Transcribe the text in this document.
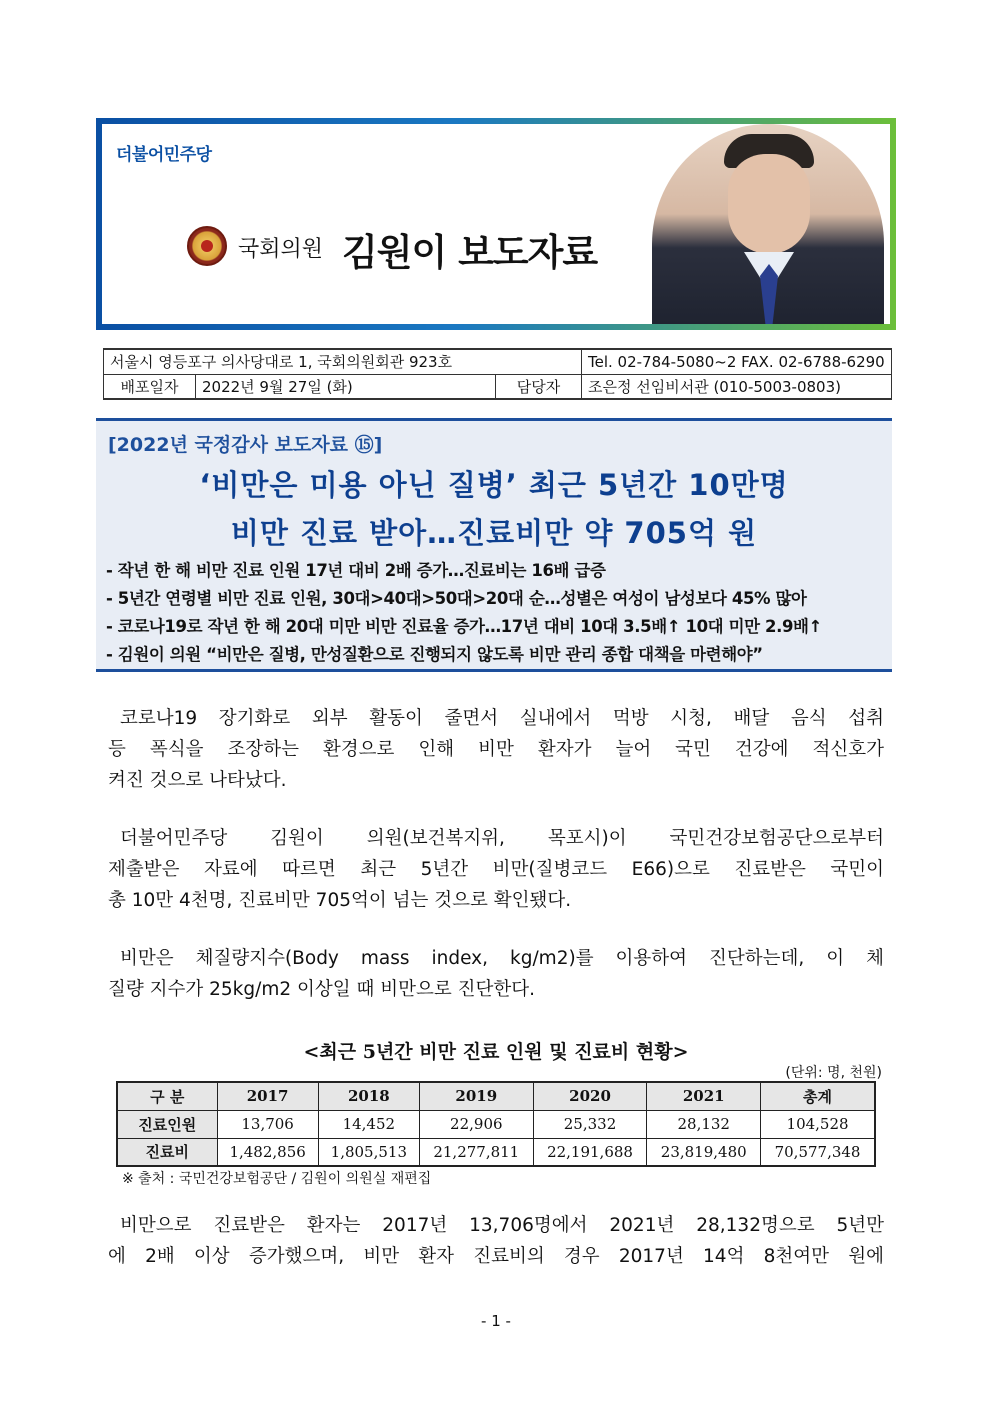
더불어민주당
국회의원 김원이 보도자료
서울시 영등포구 의사당대로 1, 국회의원회관 923호			Tel. 02-784-5080~2 FAX. 02-6788-6290
배포일자	2022년 9월 27일 (화)	담당자	조은정 선임비서관 (010-5003-0803)
[2022년 국정감사 보도자료 ⑮]
‘비만은 미용 아닌 질병’ 최근 5년간 10만명
비만 진료 받아…진료비만 약 705억 원
- 작년 한 해 비만 진료 인원 17년 대비 2배 증가…진료비는 16배 급증
- 5년간 연령별 비만 진료 인원, 30대>40대>50대>20대 순…성별은 여성이 남성보다 45% 많아
- 코로나19로 작년 한 해 20대 미만 비만 진료율 증가…17년 대비 10대 3.5배↑ 10대 미만 2.9배↑
- 김원이 의원 “비만은 질병, 만성질환으로 진행되지 않도록 비만 관리 종합 대책을 마련해야”
코로나19 장기화로 외부 활동이 줄면서 실내에서 먹방 시청, 배달 음식 섭취
등 폭식을 조장하는 환경으로 인해 비만 환자가 늘어 국민 건강에 적신호가
켜진 것으로 나타났다.
더불어민주당 김원이 의원(보건복지위, 목포시)이 국민건강보험공단으로부터
제출받은 자료에 따르면 최근 5년간 비만(질병코드 E66)으로 진료받은 국민이
총 10만 4천명, 진료비만 705억이 넘는 것으로 확인됐다.
비만은 체질량지수(Body mass index, kg/m2)를 이용하여 진단하는데, 이 체
질량 지수가 25kg/m2 이상일 때 비만으로 진단한다.
<최근 5년간 비만 진료 인원 및 진료비 현황>
(단위: 명, 천원)
구 분	2017	2018	2019	2020	2021	총계
진료인원	13,706	14,452	22,906	25,332	28,132	104,528
진료비	1,482,856	1,805,513	21,277,811	22,191,688	23,819,480	70,577,348
※ 출처 : 국민건강보험공단 / 김원이 의원실 재편집
비만으로 진료받은 환자는 2017년 13,706명에서 2021년 28,132명으로 5년만
에 2배 이상 증가했으며, 비만 환자 진료비의 경우 2017년 14억 8천여만 원에
- 1 -
